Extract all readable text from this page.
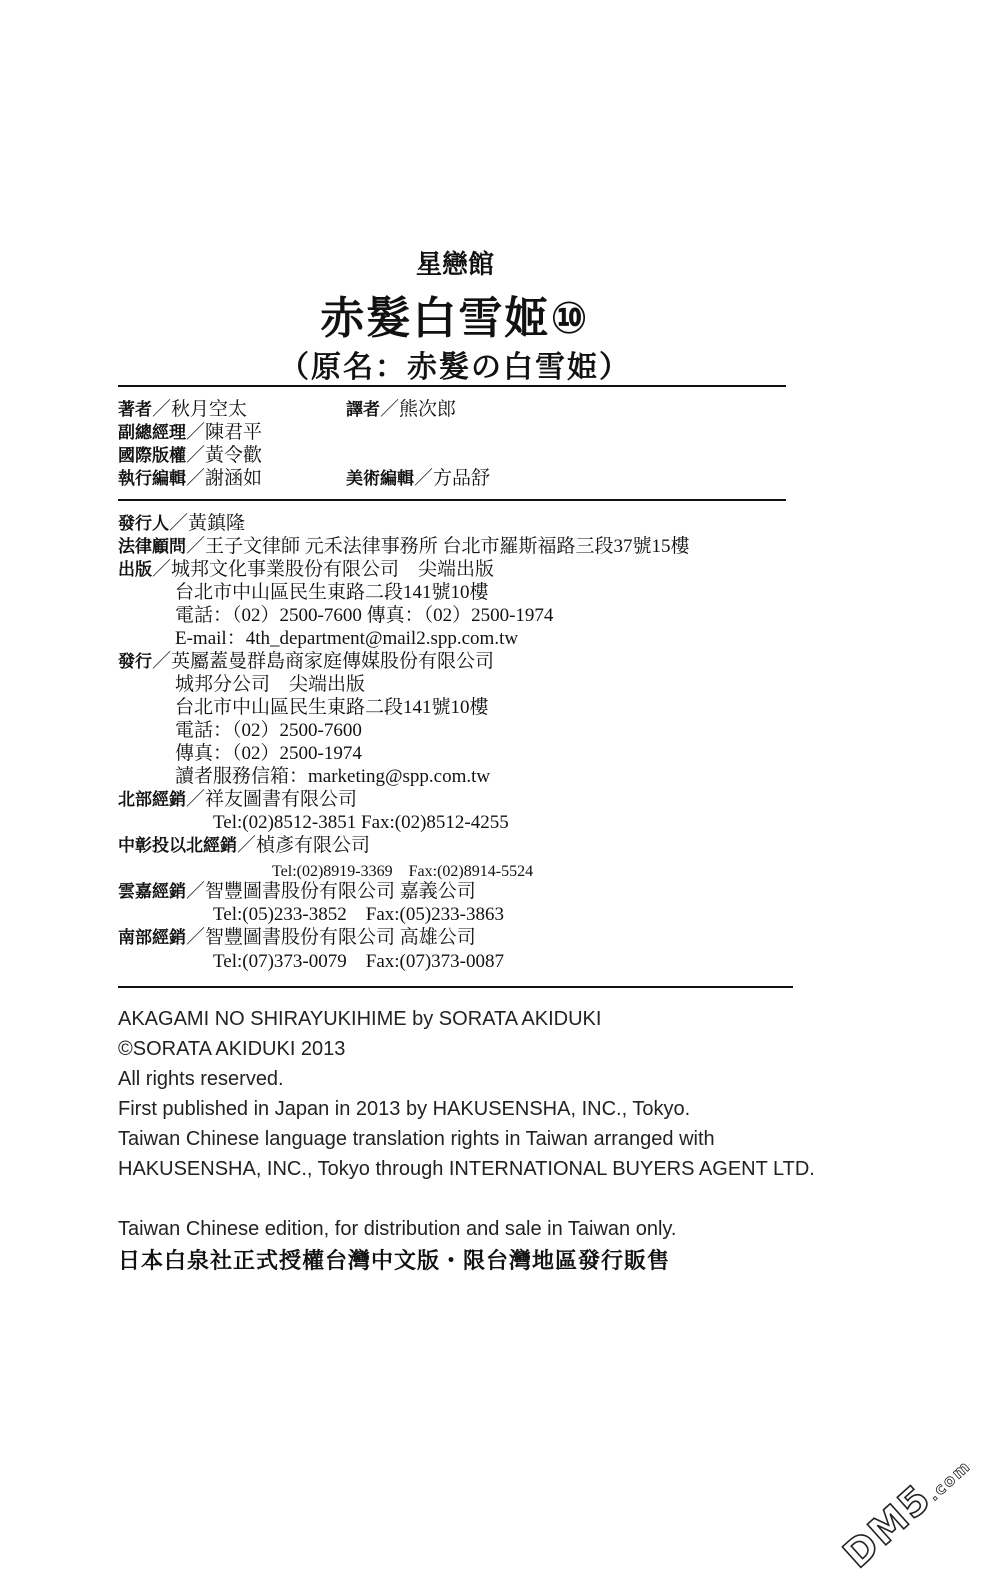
星戀館
赤髮白雪姬⑩
（原名：赤髮の白雪姫）
著者／秋月空太	譯者／熊次郎
副總經理／陳君平
國際版權／黃令歡
執行編輯／謝涵如	美術編輯／方品舒
發行人／黃鎮隆
法律顧問／王子文律師 元禾法律事務所 台北市羅斯福路三段37號15樓
出版／城邦文化事業股份有限公司　尖端出版
台北市中山區民生東路二段141號10樓
電話：（02）2500-7600 傳真：（02）2500-1974
E-mail：4th_department@mail2.spp.com.tw
發行／英屬蓋曼群島商家庭傳媒股份有限公司
城邦分公司　尖端出版
台北市中山區民生東路二段141號10樓
電話：（02）2500-7600
傳真：（02）2500-1974
讀者服務信箱：marketing@spp.com.tw
北部經銷／祥友圖書有限公司
Tel:(02)8512-3851 Fax:(02)8512-4255
中彰投以北經銷／楨彥有限公司
Tel:(02)8919-3369　Fax:(02)8914-5524
雲嘉經銷／智豐圖書股份有限公司 嘉義公司
Tel:(05)233-3852　Fax:(05)233-3863
南部經銷／智豐圖書股份有限公司 高雄公司
Tel:(07)373-0079　Fax:(07)373-0087
AKAGAMI NO SHIRAYUKIHIME by SORATA AKIDUKI
©SORATA AKIDUKI 2013
All rights reserved.
First published in Japan in 2013 by HAKUSENSHA, INC., Tokyo.
Taiwan Chinese language translation rights in Taiwan arranged with
HAKUSENSHA, INC., Tokyo through INTERNATIONAL BUYERS AGENT LTD.
Taiwan Chinese edition, for distribution and sale in Taiwan only.
日本白泉社正式授權台灣中文版・限台灣地區發行販售
DM5.com
